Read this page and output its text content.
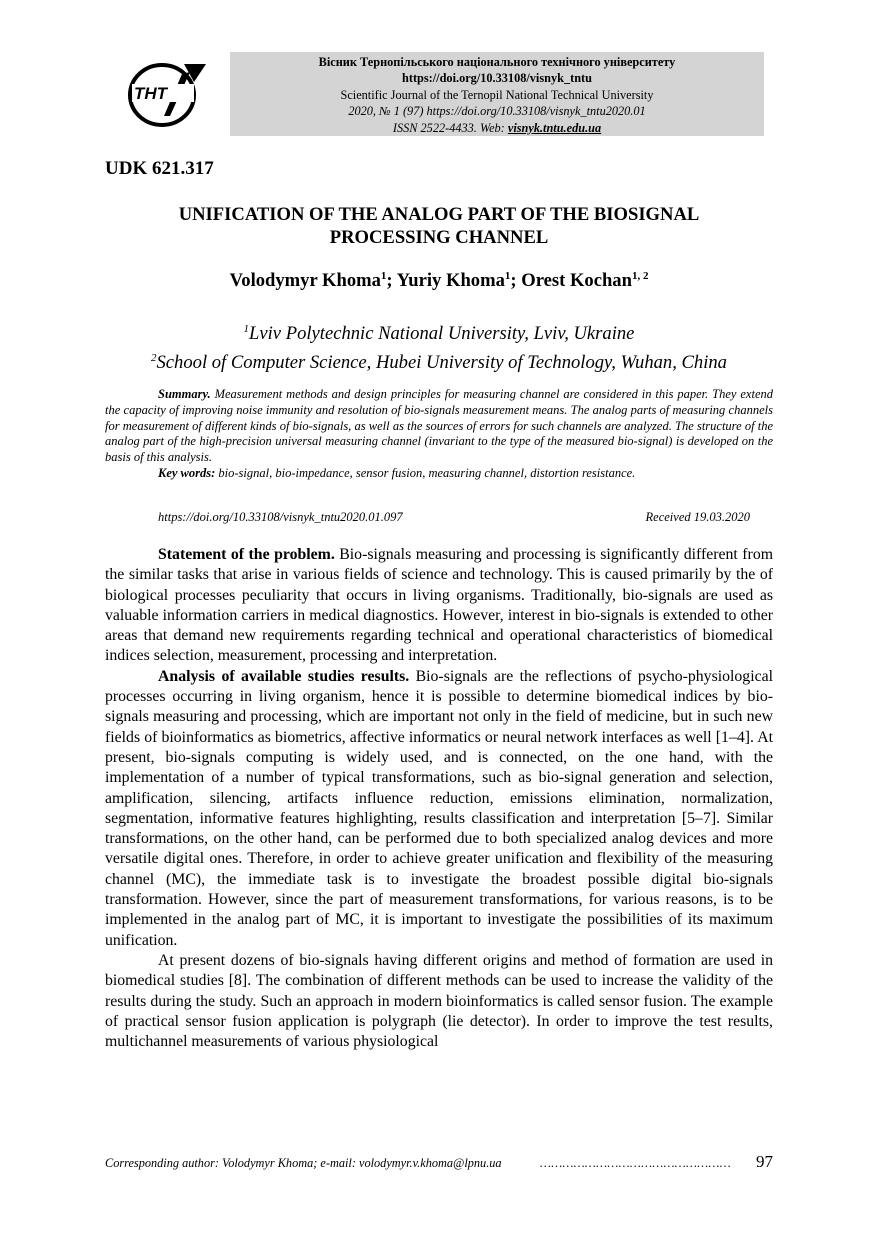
ТНТ
Вісник Тернопільського національного технічного університету
https://doi.org/10.33108/visnyk_tntu
Scientific Journal of the Ternopil National Technical University
2020, № 1 (97) https://doi.org/10.33108/visnyk_tntu2020.01
ISSN 2522-4433. Web: visnyk.tntu.edu.ua
UDK 621.317
UNIFICATION OF THE ANALOG PART OF THE BIOSIGNAL
PROCESSING CHANNEL
Volodymyr Khoma$^1$; Yuriy Khoma$^1$; Orest Kochan$^{1, 2}$
$^1$Lviv Polytechnic National University, Lviv, Ukraine
$^2$School of Computer Science, Hubei University of Technology, Wuhan, China

Summary. Measurement methods and design principles for measuring channel are considered in this paper. They extend the capacity of improving noise immunity and resolution of bio-signals measurement means. The analog parts of measuring channels for measurement of different kinds of bio-signals, as well as the sources of errors for such channels are analyzed. The structure of the analog part of the high-precision universal measuring channel (invariant to the type of the measured bio-signal) is developed on the basis of this analysis.

Key words: bio-signal, bio-impedance, sensor fusion, measuring channel, distortion resistance.

https://doi.org/10.33108/visnyk_tntu2020.01.097	Received 19.03.2020

Statement of the problem. Bio-signals measuring and processing is significantly different from the similar tasks that arise in various fields of science and technology. This is caused primarily by the of biological processes peculiarity that occurs in living organisms. Traditionally, bio-signals are used as valuable information carriers in medical diagnostics. However, interest in bio-signals is extended to other areas that demand new requirements regarding technical and operational characteristics of biomedical indices selection, measurement, processing and interpretation.

Analysis of available studies results. Bio-signals are the reflections of psycho-physiological processes occurring in living organism, hence it is possible to determine biomedical indices by bio-signals measuring and processing, which are important not only in the field of medicine, but in such new fields of bioinformatics as biometrics, affective informatics or neural network interfaces as well [1–4]. At present, bio-signals computing is widely used, and is connected, on the one hand, with the implementation of a number of typical transformations, such as bio-signal generation and selection, amplification, silencing, artifacts influence reduction, emissions elimination, normalization, segmentation, informative features highlighting, results classification and interpretation [5–7]. Similar transformations, on the other hand, can be performed due to both specialized analog devices and more versatile digital ones. Therefore, in order to achieve greater unification and flexibility of the measuring channel (MC), the immediate task is to investigate the broadest possible digital bio-signals transformation. However, since the part of measurement transformations, for various reasons, is to be implemented in the analog part of MC, it is important to investigate the possibilities of its maximum unification.

At present dozens of bio-signals having different origins and method of formation are used in biomedical studies [8]. The combination of different methods can be used to increase the validity of the results during the study. Such an approach in modern bioinformatics is called sensor fusion. The example of practical sensor fusion application is polygraph (lie detector). In order to improve the test results, multichannel measurements of various physiological

Corresponding author: Volodymyr Khoma; e-mail: volodymyr.v.khoma@lpnu.ua	…………………………………………… 97
